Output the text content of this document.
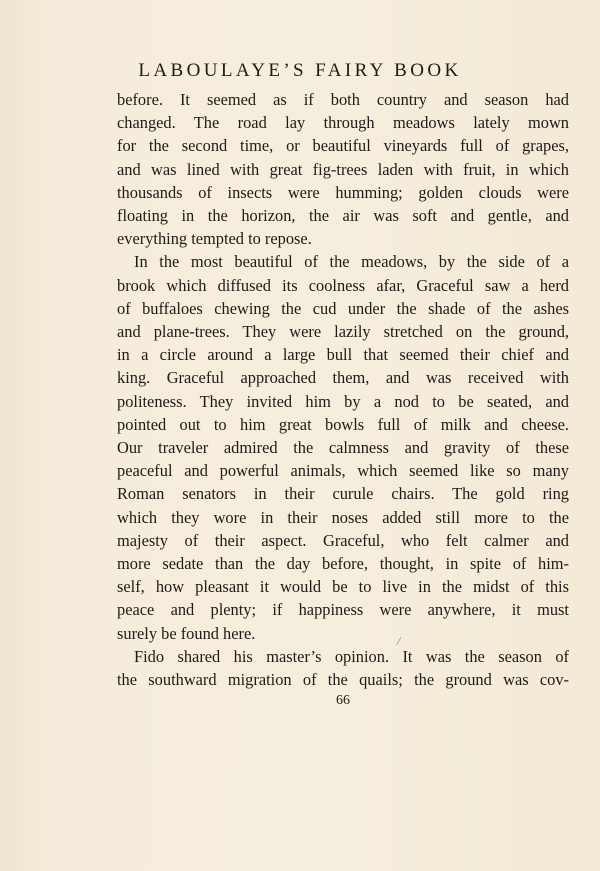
LABOULAYE’S FAIRY BOOK
before. It seemed as if both country and season had
changed. The road lay through meadows lately mown
for the second time, or beautiful vineyards full of grapes,
and was lined with great fig-trees laden with fruit, in which
thousands of insects were humming; golden clouds were
floating in the horizon, the air was soft and gentle, and
everything tempted to repose.
In the most beautiful of the meadows, by the side of a
brook which diffused its coolness afar, Graceful saw a herd
of buffaloes chewing the cud under the shade of the ashes
and plane-trees. They were lazily stretched on the ground,
in a circle around a large bull that seemed their chief and
king. Graceful approached them, and was received with
politeness. They invited him by a nod to be seated, and
pointed out to him great bowls full of milk and cheese.
Our traveler admired the calmness and gravity of these
peaceful and powerful animals, which seemed like so many
Roman senators in their curule chairs. The gold ring
which they wore in their noses added still more to the
majesty of their aspect. Graceful, who felt calmer and
more sedate than the day before, thought, in spite of him-
self, how pleasant it would be to live in the midst of this
peace and plenty; if happiness were anywhere, it must
surely be found here.
Fido shared his master’s opinion. It was the season of
the southward migration of the quails; the ground was cov-
/
66
